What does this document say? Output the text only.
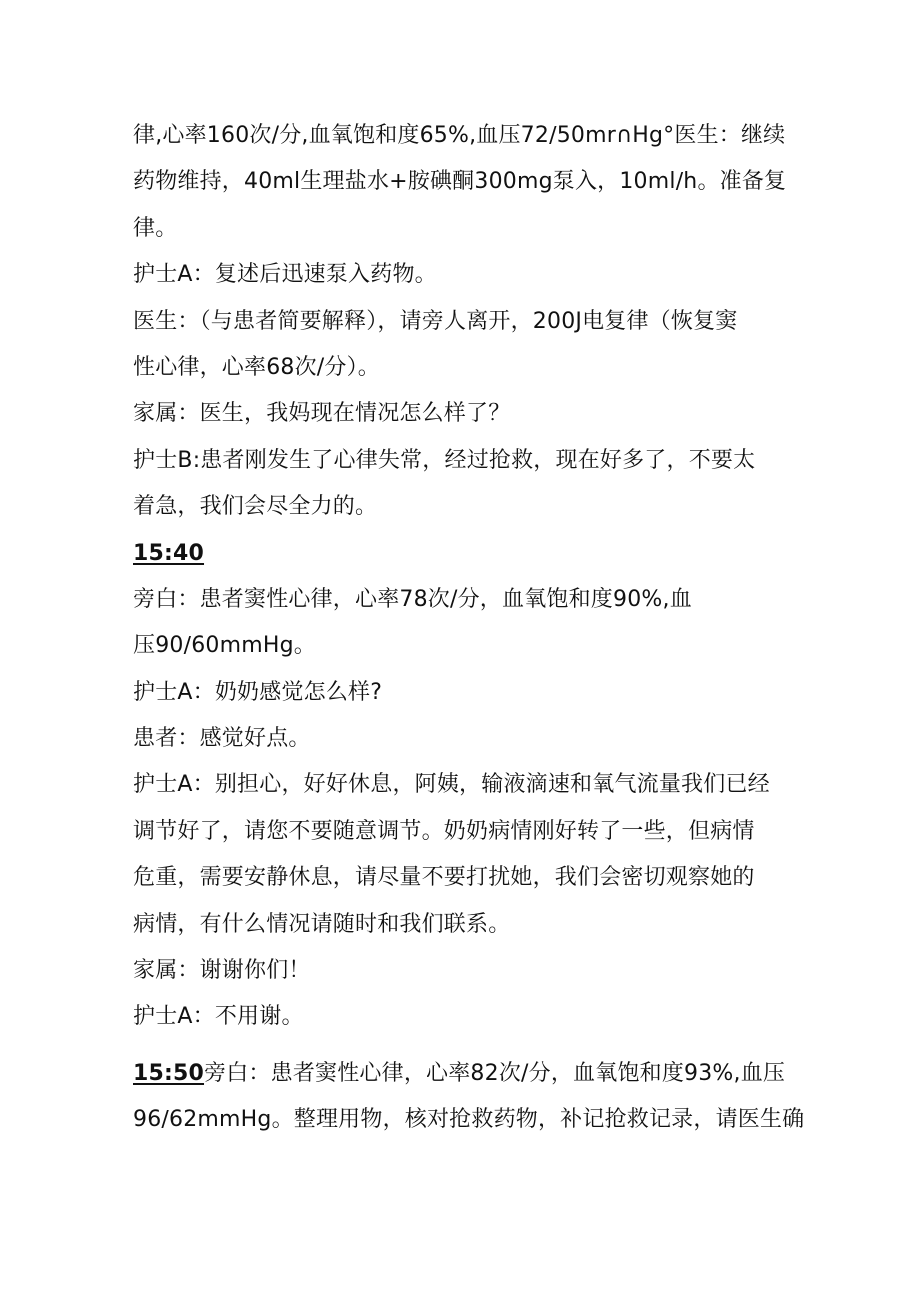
律,心率160次/分,血氧饱和度65%,血压72∕50mr∩Hg°医生：继续
药物维持，40ml生理盐水+胺碘酮300mg泵入，10ml∕h。准备复
律。
护士A：复述后迅速泵入药物。
医生：（与患者简要解释），请旁人离开，200J电复律（恢复窦
性心律，心率68次/分）。
家属：医生，我妈现在情况怎么样了？
护士B:患者刚发生了心律失常，经过抢救，现在好多了，不要太
着急，我们会尽全力的。
15:40
旁白：患者窦性心律，心率78次/分，血氧饱和度90%,血
压90∕60mmHg。
护士A：奶奶感觉怎么样?
患者：感觉好点。
护士A：别担心，好好休息，阿姨，输液滴速和氧气流量我们已经
调节好了，请您不要随意调节。奶奶病情刚好转了一些，但病情
危重，需要安静休息，请尽量不要打扰她，我们会密切观察她的
病情，有什么情况请随时和我们联系。
家属：谢谢你们！
护士A：不用谢。
15:50旁白：患者窦性心律，心率82次/分，血氧饱和度93%,血压
96∕62mmHg。整理用物，核对抢救药物，补记抢救记录，请医生确
